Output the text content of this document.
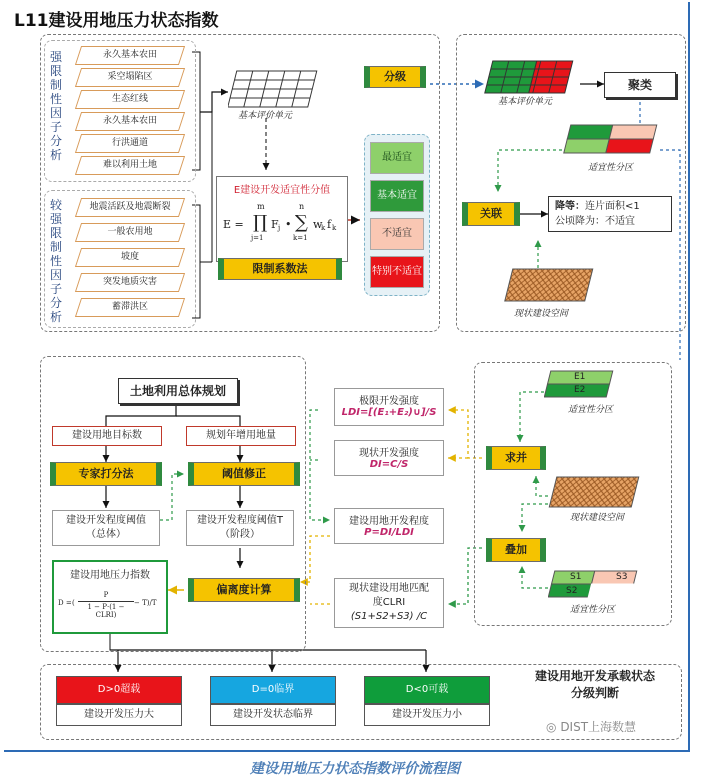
L11建设用地压力状态指数
强限制性因子分析
永久基本农田
采空塌陷区
生态红线
永久基本农田
行洪通道
难以利用土地
较强限制性因子分析
地震活跃及地震断裂
一般农用地
坡度
突发地质灾害
蓄滞洪区
基本评价单元
E建设开发适宜性分值
E =
m
∏
j=1
F j •
n
∑
k=1
w
k f k
限制系数法
分级
最适宜
基本适宜
不适宜
特别不适宜
基本评价单元
聚类
适宜性分区
关联
降等：连片面积<1
公顷降为：不适宜
现状建设空间
土地利用总体规划
建设用地目标数	规划年增用地量
专家打分法	阈值修正
建设开发程度阈值
（总体）
建设开发程度阈值T
（阶段）
偏离度计算
建设用地压力指数
D = (
P
1 − P·(1 − CLRI)
− T)/T
极限开发强度
LDI=[(E₁+E₂)∪]/S
现状开发强度
DI=C/S
建设用地开发程度
P=DI/LDI
现状建设用地匹配
度CLRI
(S1+S2+S3) /C
E1
E2
适宜性分区
求并
现状建设空间
叠加
S1	S3
S2
适宜性分区
建设用地开发承载状态
分级判断
D>0超载
建设开发压力大
D=0临界
建设开发状态临界
D<0可载
建设开发压力小
◎ DIST上海数慧
建设用地压力状态指数评价流程图
